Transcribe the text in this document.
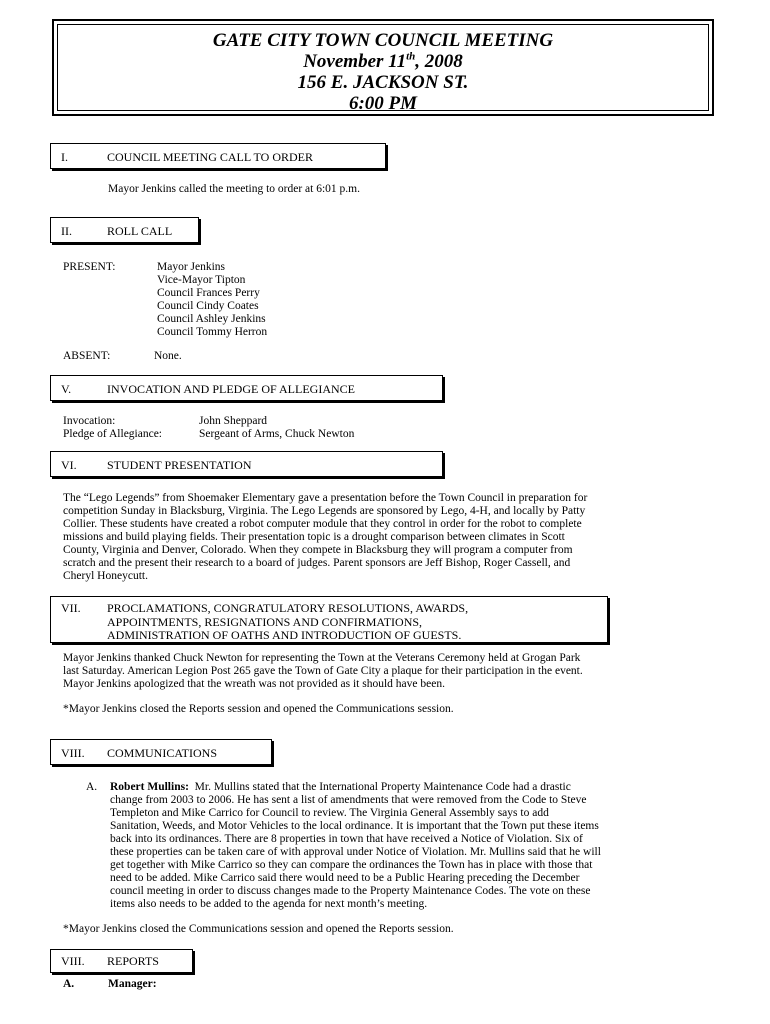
GATE CITY TOWN COUNCIL MEETING
November 11th, 2008
156 E. JACKSON ST.
6:00 PM
I.	COUNCIL MEETING CALL TO ORDER
Mayor Jenkins called the meeting to order at 6:01 p.m.
II.	ROLL CALL
PRESENT:	Mayor Jenkins
Vice-Mayor Tipton
Council Frances Perry
Council Cindy Coates
Council Ashley Jenkins
Council Tommy Herron
ABSENT:	None.
V.	INVOCATION AND PLEDGE OF ALLEGIANCE
Invocation:	John Sheppard
Pledge of Allegiance:	Sergeant of Arms, Chuck Newton
VI.	STUDENT PRESENTATION
The “Lego Legends” from Shoemaker Elementary gave a presentation before the Town Council in preparation for
competition Sunday in Blacksburg, Virginia. The Lego Legends are sponsored by Lego, 4-H, and locally by Patty
Collier. These students have created a robot computer module that they control in order for the robot to complete
missions and build playing fields. Their presentation topic is a drought comparison between climates in Scott
County, Virginia and Denver, Colorado. When they compete in Blacksburg they will program a computer from
scratch and the present their research to a board of judges. Parent sponsors are Jeff Bishop, Roger Cassell, and
Cheryl Honeycutt.
VII. PROCLAMATIONS, CONGRATULATORY RESOLUTIONS, AWARDS,
APPOINTMENTS, RESIGNATIONS AND CONFIRMATIONS,
ADMINISTRATION OF OATHS AND INTRODUCTION OF GUESTS.
Mayor Jenkins thanked Chuck Newton for representing the Town at the Veterans Ceremony held at Grogan Park
last Saturday. American Legion Post 265 gave the Town of Gate City a plaque for their participation in the event.
Mayor Jenkins apologized that the wreath was not provided as it should have been.
*Mayor Jenkins closed the Reports session and opened the Communications session.
VIII. COMMUNICATIONS
A. Robert Mullins: Mr. Mullins stated that the International Property Maintenance Code had a drastic
change from 2003 to 2006. He has sent a list of amendments that were removed from the Code to Steve
Templeton and Mike Carrico for Council to review. The Virginia General Assembly says to add
Sanitation, Weeds, and Motor Vehicles to the local ordinance. It is important that the Town put these items
back into its ordinances. There are 8 properties in town that have received a Notice of Violation. Six of
these properties can be taken care of with approval under Notice of Violation. Mr. Mullins said that he will
get together with Mike Carrico so they can compare the ordinances the Town has in place with those that
need to be added. Mike Carrico said there would need to be a Public Hearing preceding the December
council meeting in order to discuss changes made to the Property Maintenance Codes. The vote on these
items also needs to be added to the agenda for next month’s meeting.
*Mayor Jenkins closed the Communications session and opened the Reports session.
VIII. REPORTS
A.	Manager:
